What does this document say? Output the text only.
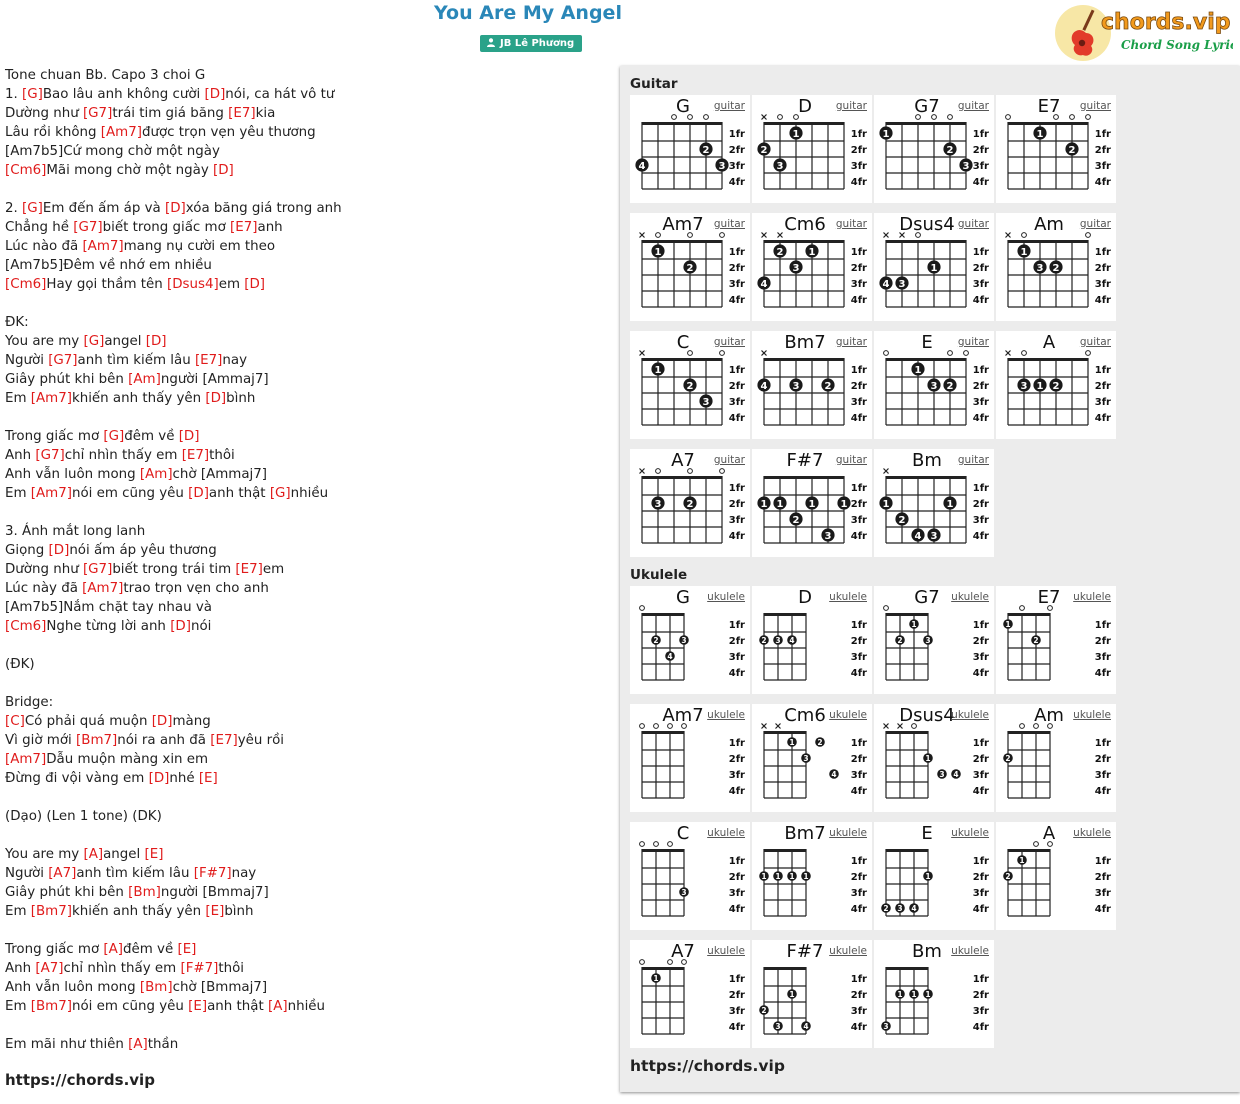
You Are My Angel
JB Lê Phương
chords.vip
Chord Song Lyric
Tone chuan Bb. Capo 3 choi G
1. [G]Bao lâu anh không cười [D]nói, ca hát vô tư
Dường như [G7]trái tim giá băng [E7]kia
Lâu rồi không [Am7]được trọn vẹn yêu thương
[Am7b5]Cứ mong chờ một ngày
[Cm6]Mãi mong chờ một ngày [D]
2. [G]Em đến ấm áp và [D]xóa băng giá trong anh
Chẳng hề [G7]biết trong giấc mơ [E7]anh
Lúc nào đã [Am7]mang nụ cười em theo
[Am7b5]Đêm về nhớ em nhiều
[Cm6]Hay gọi thầm tên [Dsus4]em [D]
ĐK:
You are my [G]angel [D]
Người [G7]anh tìm kiếm lâu [E7]nay
Giây phút khi bên [Am]người [Ammaj7]
Em [Am7]khiến anh thấy yên [D]bình
Trong giấc mơ [G]đêm về [D]
Anh [G7]chỉ nhìn thấy em [E7]thôi
Anh vẫn luôn mong [Am]chờ [Ammaj7]
Em [Am7]nói em cũng yêu [D]anh thật [G]nhiều
3. Ánh mắt long lanh
Giọng [D]nói ấm áp yêu thương
Dường như [G7]biết trong trái tim [E7]em
Lúc này đã [Am7]trao trọn vẹn cho anh
[Am7b5]Nắm chặt tay nhau và
[Cm6]Nghe từng lời anh [D]nói
(ĐK)
Bridge:
[C]Có phải quá muộn [D]màng
Vì giờ mới [Bm7]nói ra anh đã [E7]yêu rồi
[Am7]Dẫu muộn màng xin em
Đừng đi vội vàng em [D]nhé [E]
(Dạo) (Len 1 tone) (DK)
You are my [A]angel [E]
Người [A7]anh tìm kiếm lâu [F#7]nay
Giây phút khi bên [Bm]người [Bmmaj7]
Em [Bm7]khiến anh thấy yên [E]bình
Trong giấc mơ [A]đêm về [E]
Anh [A7]chỉ nhìn thấy em [F#7]thôi
Anh vẫn luôn mong [Bm]chờ [Bmmaj7]
Em [Bm7]nói em cũng yêu [E]anh thật [A]nhiều
Em mãi như thiên [A]thần
https://chords.vip
Guitar
2
3
4
1fr
2fr
3fr
4fr
G	guitar
1
2
3
1fr
2fr
3fr
4fr
D	guitar
1
2
3
1fr
2fr
3fr
4fr
G7	guitar
1
2
1fr
2fr
3fr
4fr
E7	guitar
1
2
1fr
2fr
3fr
4fr
Am7 guitar
1
2
3
4
1fr
2fr
3fr
4fr
Cm6 guitar
1
3
4
1fr
2fr
3fr
4fr
Dsus4 guitar
1
2
3
1fr
2fr
3fr
4fr
Am	guitar
1
2
3
1fr
2fr
3fr
4fr
C	guitar
2
3
4
1fr
2fr
3fr
4fr
Bm7 guitar
1
2
3
1fr
2fr
3fr
4fr
E	guitar
2
1
3
1fr
2fr
3fr
4fr
A	guitar
2
3
1fr
2fr
3fr
4fr
A7	guitar
1
1
1
1
2
3
1fr
2fr
3fr
4fr
F#7	guitar
1
1
2
3
4
1fr
2fr
3fr
4fr
Bm	guitar
Ukulele
2	3
4
1fr
2fr
3fr
4fr
G	ukulele
2 3 4
1fr
2fr
3fr
4fr
D	ukulele
1
2	3
1fr
2fr
3fr
4fr
G7	ukulele
1
2
1fr
2fr
3fr
4fr
E7	ukulele
1fr
2fr
3fr
4fr
Am7 ukulele
1	2
3
4
1fr
2fr
3fr
4fr
Cm6 ukulele
1
3 4
1fr
2fr
3fr
4fr
Dsus4
ukulele
2
1fr
2fr
3fr
4fr
Am ukulele
3
1fr
2fr
3fr
4fr
C	ukulele
1 1 1 1
1fr
2fr
3fr
4fr
Bm7 ukulele
1
2 3 4
1fr
2fr
3fr
4fr
E	ukulele
1
2
1fr
2fr
3fr
4fr
A	ukulele
1	1fr
2fr
3fr
4fr
A7	ukulele
1
2
3	4
1fr
2fr
3fr
4fr
F#7 ukulele
1 1 1
3
1fr
2fr
3fr
4fr
Bm ukulele
https://chords.vip
